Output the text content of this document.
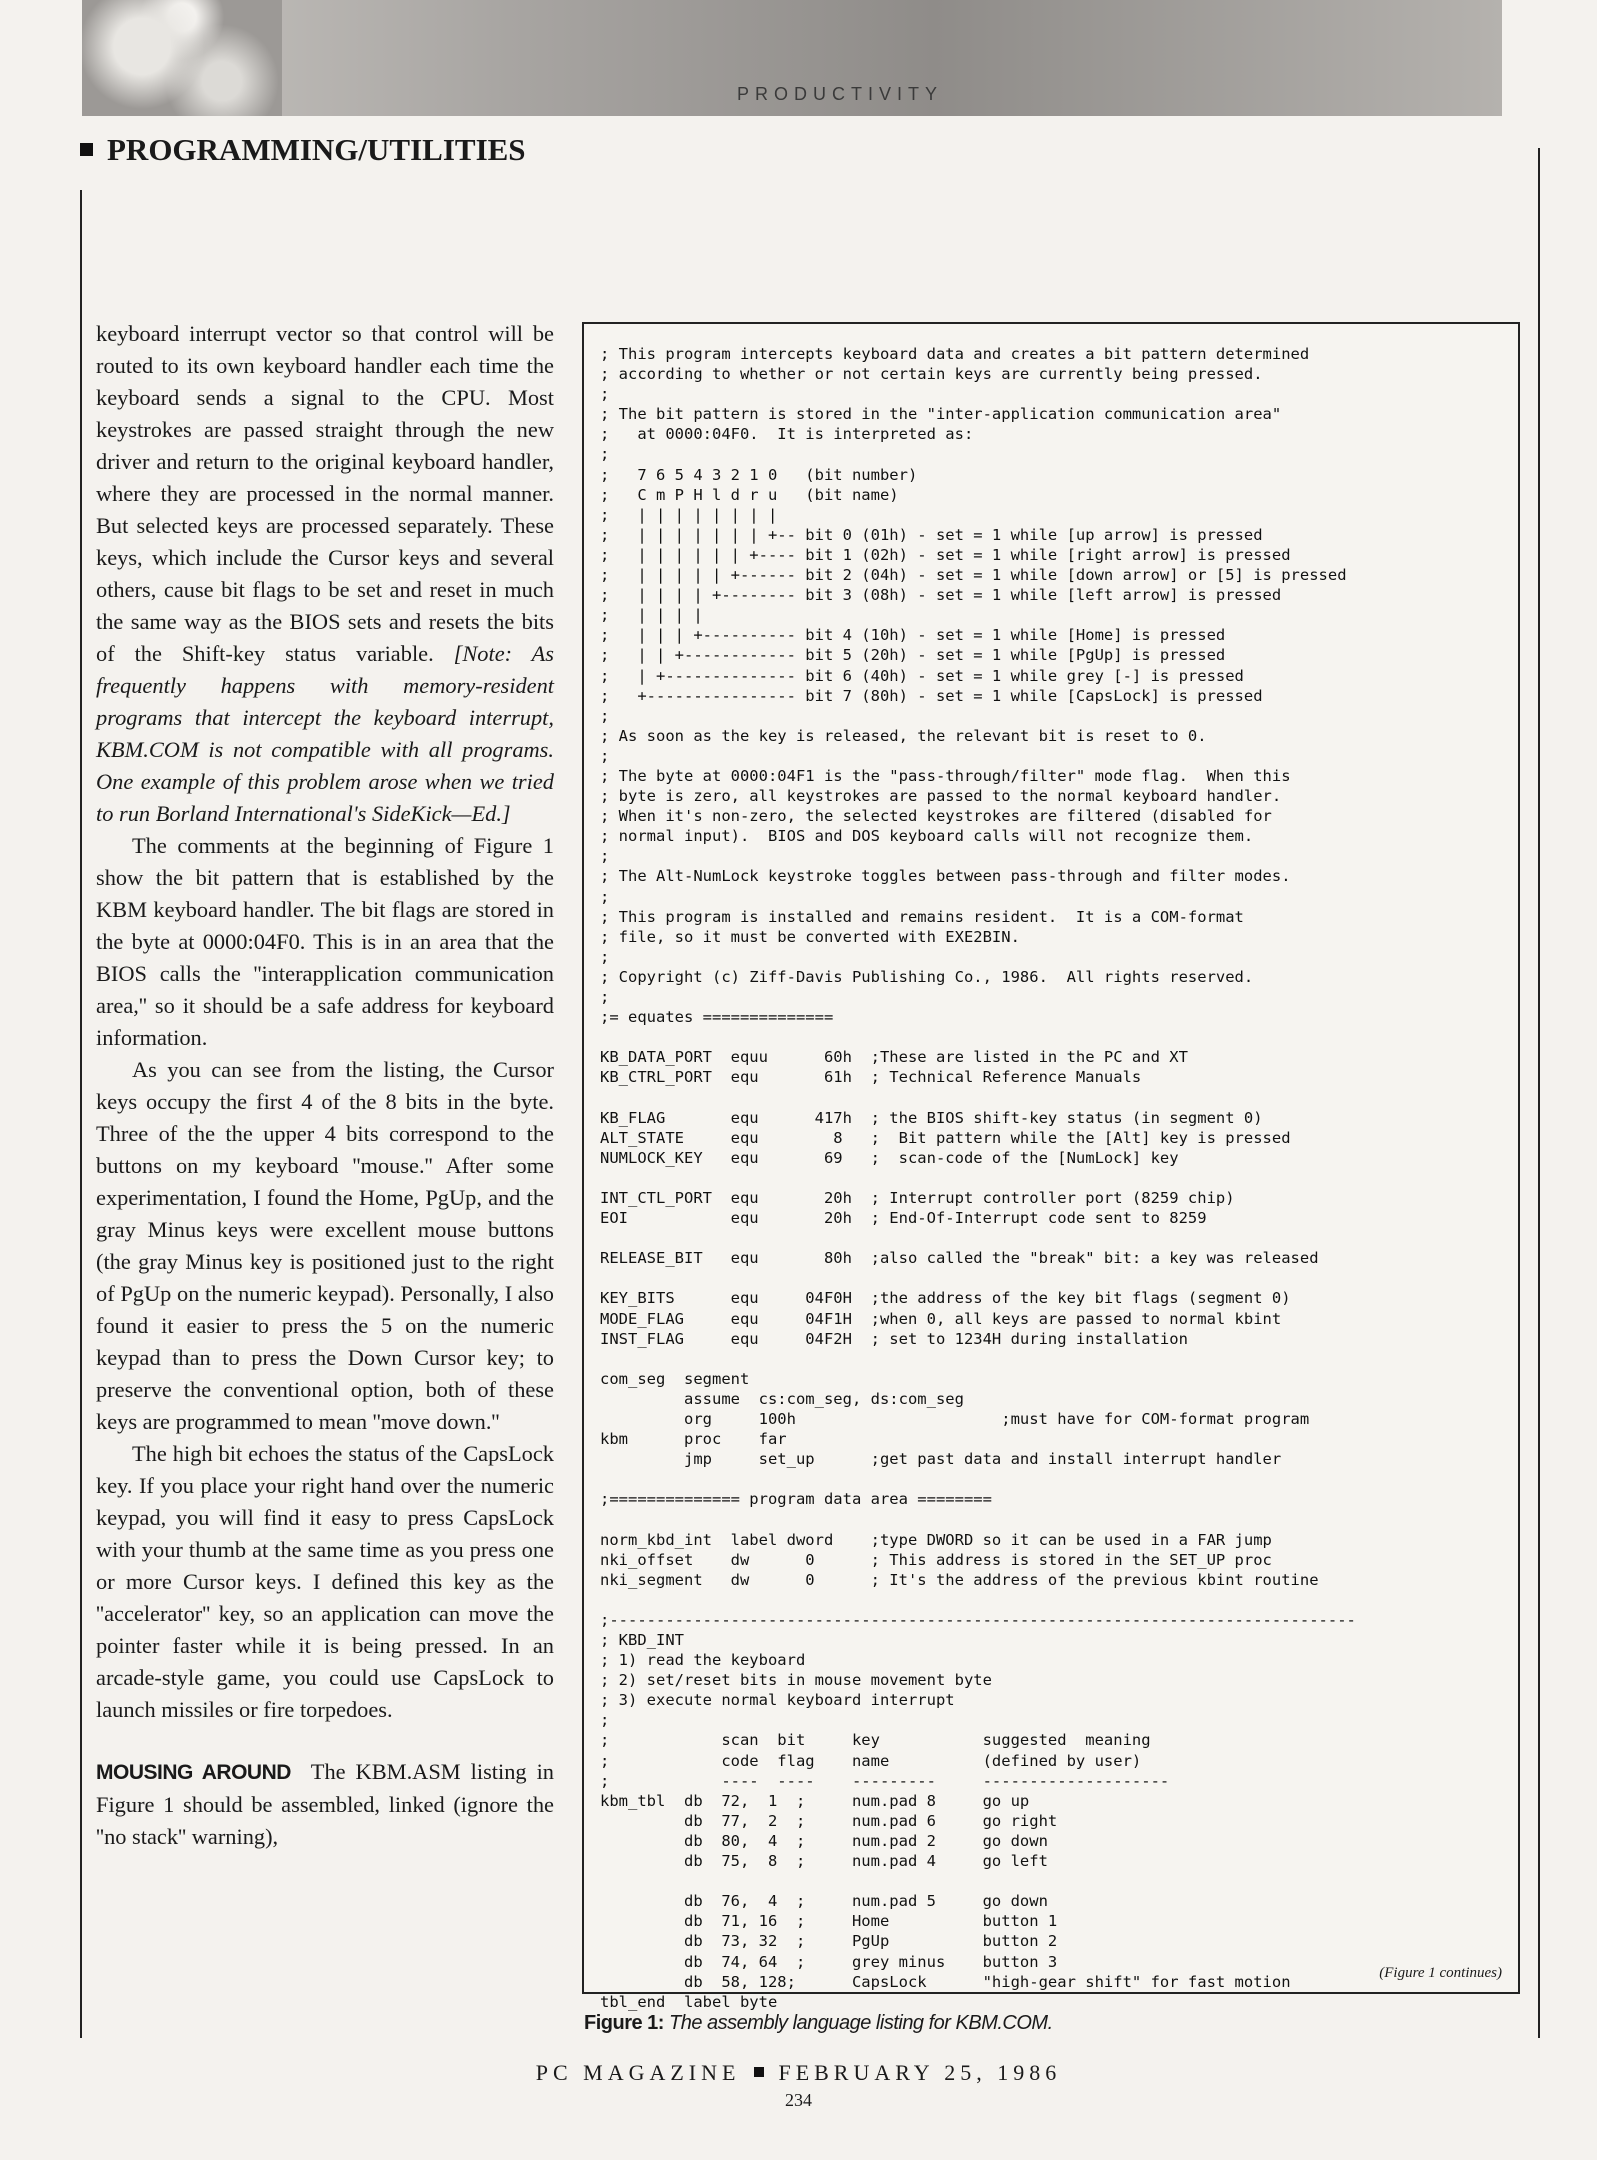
PRODUCTIVITY
PROGRAMMING/UTILITIES

keyboard interrupt vector so that control will be routed to its own keyboard handler each time the keyboard sends a signal to the CPU. Most keystrokes are passed straight through the new driver and return to the original keyboard handler, where they are processed in the normal manner. But selected keys are processed separately. These keys, which include the Cursor keys and several others, cause bit flags to be set and reset in much the same way as the BIOS sets and resets the bits of the Shift-key status variable. [Note: As frequently happens with memory-resident programs that intercept the keyboard interrupt, KBM.COM is not compatible with all programs. One example of this problem arose when we tried to run Borland International's SideKick—Ed.]

The comments at the beginning of Figure 1 show the bit pattern that is established by the KBM keyboard handler. The bit flags are stored in the byte at 0000:04F0. This is in an area that the BIOS calls the ''interapplication communication area,'' so it should be a safe address for keyboard information.

As you can see from the listing, the Cursor keys occupy the first 4 of the 8 bits in the byte. Three of the the upper 4 bits correspond to the buttons on my keyboard ''mouse.'' After some experimentation, I found the Home, PgUp, and the gray Minus keys were excellent mouse buttons (the gray Minus key is positioned just to the right of PgUp on the numeric keypad). Personally, I also found it easier to press the 5 on the numeric keypad than to press the Down Cursor key; to preserve the conventional option, both of these keys are programmed to mean ''move down.''

The high bit echoes the status of the CapsLock key. If you place your right hand over the numeric keypad, you will find it easy to press CapsLock with your thumb at the same time as you press one or more Cursor keys. I defined this key as the ''accelerator'' key, so an application can move the pointer faster while it is being pressed. In an arcade-style game, you could use CapsLock to launch missiles or fire torpedoes.

MOUSING AROUND The KBM.ASM listing in Figure 1 should be assembled, linked (ignore the ''no stack'' warning),

; This program intercepts keyboard data and creates a bit pattern determined
; according to whether or not certain keys are currently being pressed.
;
; The bit pattern is stored in the "inter-application communication area"
;   at 0000:04F0.  It is interpreted as:
;
;   7 6 5 4 3 2 1 0   (bit number)
;   C m P H l d r u   (bit name)
;   | | | | | | | |
;   | | | | | | | +-- bit 0 (01h) - set = 1 while [up arrow] is pressed
;   | | | | | | +---- bit 1 (02h) - set = 1 while [right arrow] is pressed
;   | | | | | +------ bit 2 (04h) - set = 1 while [down arrow] or [5] is pressed
;   | | | | +-------- bit 3 (08h) - set = 1 while [left arrow] is pressed
;   | | | |
;   | | | +---------- bit 4 (10h) - set = 1 while [Home] is pressed
;   | | +------------ bit 5 (20h) - set = 1 while [PgUp] is pressed
;   | +-------------- bit 6 (40h) - set = 1 while grey [-] is pressed
;   +---------------- bit 7 (80h) - set = 1 while [CapsLock] is pressed
;
; As soon as the key is released, the relevant bit is reset to 0.
;
; The byte at 0000:04F1 is the "pass-through/filter" mode flag.  When this
; byte is zero, all keystrokes are passed to the normal keyboard handler.
; When it's non-zero, the selected keystrokes are filtered (disabled for
; normal input).  BIOS and DOS keyboard calls will not recognize them.
;
; The Alt-NumLock keystroke toggles between pass-through and filter modes.
;
; This program is installed and remains resident.  It is a COM-format
; file, so it must be converted with EXE2BIN.
;
; Copyright (c) Ziff-Davis Publishing Co., 1986.  All rights reserved.
;
;= equates ==============

KB_DATA_PORT  equu      60h  ;These are listed in the PC and XT
KB_CTRL_PORT  equ       61h  ; Technical Reference Manuals

KB_FLAG       equ      417h  ; the BIOS shift-key status (in segment 0)
ALT_STATE     equ        8   ;  Bit pattern while the [Alt] key is pressed
NUMLOCK_KEY   equ       69   ;  scan-code of the [NumLock] key

INT_CTL_PORT  equ       20h  ; Interrupt controller port (8259 chip)
EOI           equ       20h  ; End-Of-Interrupt code sent to 8259

RELEASE_BIT   equ       80h  ;also called the "break" bit: a key was released

KEY_BITS      equ     04F0H  ;the address of the key bit flags (segment 0)
MODE_FLAG     equ     04F1H  ;when 0, all keys are passed to normal kbint
INST_FLAG     equ     04F2H  ; set to 1234H during installation

com_seg  segment
assume  cs:com_seg, ds:com_seg
org     100h                      ;must have for COM-format program
kbm      proc    far
jmp     set_up      ;get past data and install interrupt handler

;============== program data area ========

norm_kbd_int  label dword    ;type DWORD so it can be used in a FAR jump
nki_offset    dw      0      ; This address is stored in the SET_UP proc
nki_segment   dw      0      ; It's the address of the previous kbint routine

;--------------------------------------------------------------------------------
; KBD_INT
; 1) read the keyboard
; 2) set/reset bits in mouse movement byte
; 3) execute normal keyboard interrupt
;
;            scan  bit     key           suggested  meaning
;            code  flag    name          (defined by user)
;            ----  ----    ---------     --------------------
kbm_tbl  db  72,  1  ;     num.pad 8     go up
db  77,  2  ;     num.pad 6     go right
db  80,  4  ;     num.pad 2     go down
db  75,  8  ;     num.pad 4     go left

db  76,  4  ;     num.pad 5     go down
db  71, 16  ;     Home          button 1
db  73, 32  ;     PgUp          button 2
db  74, 64  ;     grey minus    button 3
db  58, 128;      CapsLock      "high-gear shift" for fast motion
tbl_end  label byte
(Figure 1 continues)
Figure 1: The assembly language listing for KBM.COM.
PC MAGAZINE FEBRUARY 25, 1986
234
